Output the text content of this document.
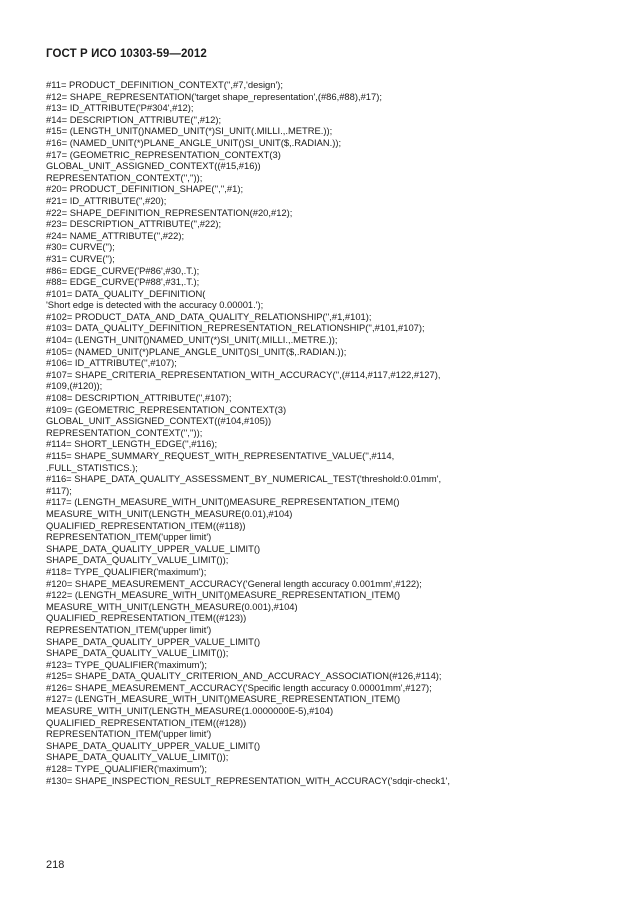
ГОСТ Р ИСО 10303-59—2012
#11= PRODUCT_DEFINITION_CONTEXT('',#7,'design');
#12= SHAPE_REPRESENTATION('target shape_representation',(#86,#88),#17);
#13= ID_ATTRIBUTE('P#304',#12);
#14= DESCRIPTION_ATTRIBUTE('',#12);
#15= (LENGTH_UNIT()NAMED_UNIT(*)SI_UNIT(.MILLI.,.METRE.));
#16= (NAMED_UNIT(*)PLANE_ANGLE_UNIT()SI_UNIT($,.RADIAN.));
#17= (GEOMETRIC_REPRESENTATION_CONTEXT(3)
GLOBAL_UNIT_ASSIGNED_CONTEXT((#15,#16))
REPRESENTATION_CONTEXT('',''));
#20= PRODUCT_DEFINITION_SHAPE('','',#1);
#21= ID_ATTRIBUTE('',#20);
#22= SHAPE_DEFINITION_REPRESENTATION(#20,#12);
#23= DESCRIPTION_ATTRIBUTE('',#22);
#24= NAME_ATTRIBUTE('',#22);
#30= CURVE('');
#31= CURVE('');
#86= EDGE_CURVE('P#86',#30,.T.);
#88= EDGE_CURVE('P#88',#31,.T.);
#101= DATA_QUALITY_DEFINITION(
'Short edge is detected with the accuracy 0.00001.');
#102= PRODUCT_DATA_AND_DATA_QUALITY_RELATIONSHIP('',#1,#101);
#103= DATA_QUALITY_DEFINITION_REPRESENTATION_RELATIONSHIP('',#101,#107);
#104= (LENGTH_UNIT()NAMED_UNIT(*)SI_UNIT(.MILLI.,.METRE.));
#105= (NAMED_UNIT(*)PLANE_ANGLE_UNIT()SI_UNIT($,.RADIAN.));
#106= ID_ATTRIBUTE('',#107);
#107= SHAPE_CRITERIA_REPRESENTATION_WITH_ACCURACY('',(#114,#117,#122,#127),
#109,(#120));
#108= DESCRIPTION_ATTRIBUTE('',#107);
#109= (GEOMETRIC_REPRESENTATION_CONTEXT(3)
GLOBAL_UNIT_ASSIGNED_CONTEXT((#104,#105))
REPRESENTATION_CONTEXT('',''));
#114= SHORT_LENGTH_EDGE('',#116);
#115= SHAPE_SUMMARY_REQUEST_WITH_REPRESENTATIVE_VALUE('',#114,
.FULL_STATISTICS.);
#116= SHAPE_DATA_QUALITY_ASSESSMENT_BY_NUMERICAL_TEST('threshold:0.01mm',
#117);
#117= (LENGTH_MEASURE_WITH_UNIT()MEASURE_REPRESENTATION_ITEM()
MEASURE_WITH_UNIT(LENGTH_MEASURE(0.01),#104)
QUALIFIED_REPRESENTATION_ITEM((#118))
REPRESENTATION_ITEM('upper limit')
SHAPE_DATA_QUALITY_UPPER_VALUE_LIMIT()
SHAPE_DATA_QUALITY_VALUE_LIMIT());
#118= TYPE_QUALIFIER('maximum');
#120= SHAPE_MEASUREMENT_ACCURACY('General length accuracy 0.001mm',#122);
#122= (LENGTH_MEASURE_WITH_UNIT()MEASURE_REPRESENTATION_ITEM()
MEASURE_WITH_UNIT(LENGTH_MEASURE(0.001),#104)
QUALIFIED_REPRESENTATION_ITEM((#123))
REPRESENTATION_ITEM('upper limit')
SHAPE_DATA_QUALITY_UPPER_VALUE_LIMIT()
SHAPE_DATA_QUALITY_VALUE_LIMIT());
#123= TYPE_QUALIFIER('maximum');
#125= SHAPE_DATA_QUALITY_CRITERION_AND_ACCURACY_ASSOCIATION(#126,#114);
#126= SHAPE_MEASUREMENT_ACCURACY('Specific length accuracy 0.00001mm',#127);
#127= (LENGTH_MEASURE_WITH_UNIT()MEASURE_REPRESENTATION_ITEM()
MEASURE_WITH_UNIT(LENGTH_MEASURE(1.0000000E-5),#104)
QUALIFIED_REPRESENTATION_ITEM((#128))
REPRESENTATION_ITEM('upper limit')
SHAPE_DATA_QUALITY_UPPER_VALUE_LIMIT()
SHAPE_DATA_QUALITY_VALUE_LIMIT());
#128= TYPE_QUALIFIER('maximum');
#130= SHAPE_INSPECTION_RESULT_REPRESENTATION_WITH_ACCURACY('sdqir-check1',
218
